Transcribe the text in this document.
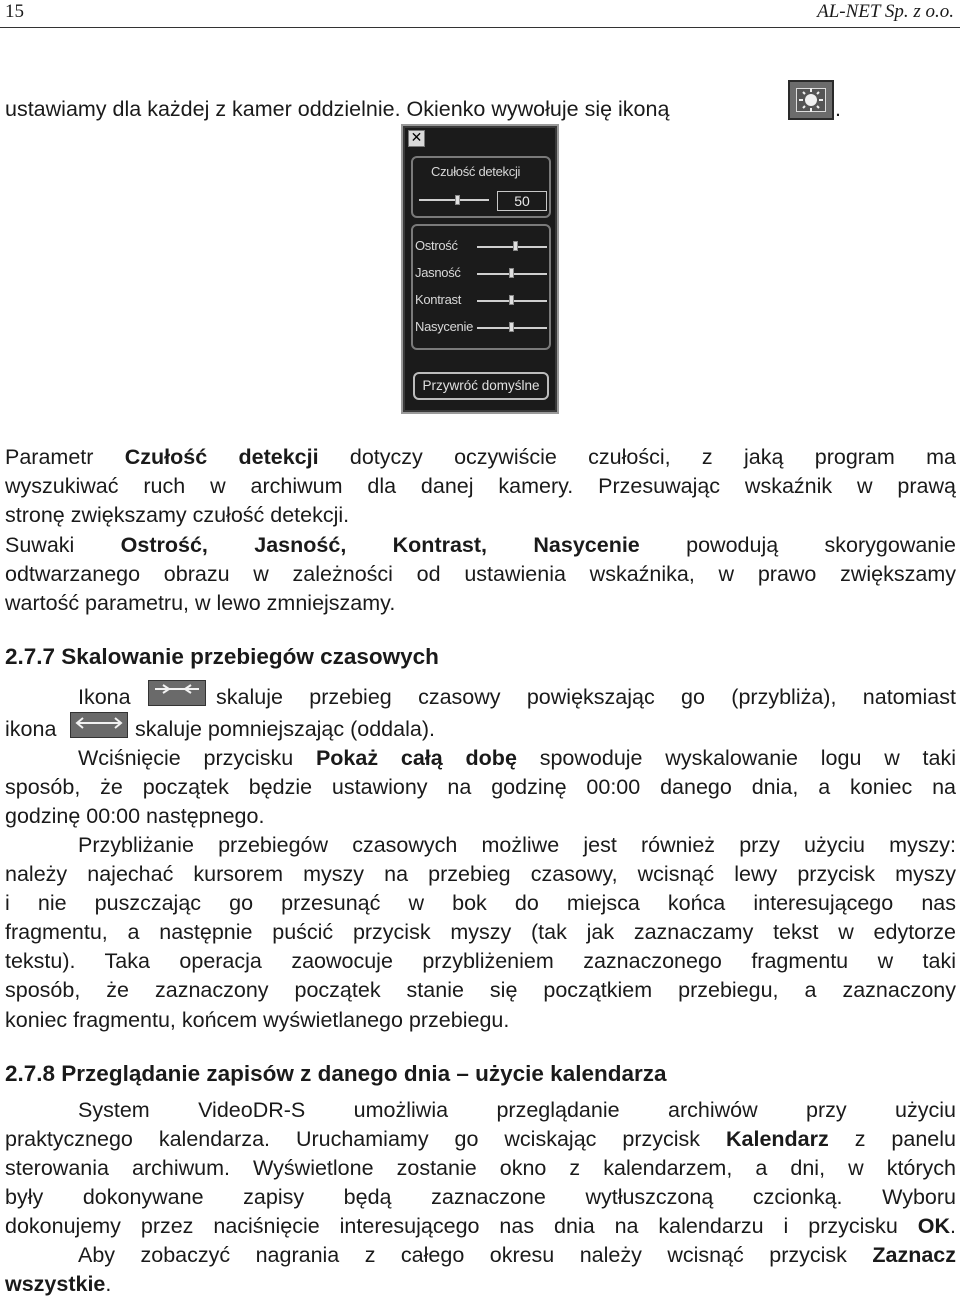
15	AL-NET Sp. z o.o.
ustawiamy dla każdej z kamer oddzielnie. Okienko wywołuje się ikoną	.
✕
Czułość detekcji
50
Ostrość
Jasność
Kontrast
Nasycenie
Przywróć domyślne
Parametr Czułość detekcji dotyczy oczywiście czułości, z jaką program ma
wyszukiwać ruch w archiwum dla danej kamery. Przesuwając wskaźnik w prawą
stronę zwiększamy czułość detekcji.
Suwaki Ostrość, Jasność, Kontrast, Nasycenie powodują skorygowanie
odtwarzanego obrazu w zależności od ustawienia wskaźnika, w prawo zwiększamy
wartość parametru, w lewo zmniejszamy.
2.7.7 Skalowanie przebiegów czasowych
Ikona	skaluje przebieg czasowy powiększając go (przybliża), natomiast
ikona	skaluje pomniejszając (oddala).
Wciśnięcie przycisku Pokaż całą dobę spowoduje wyskalowanie logu w taki
sposób, że początek będzie ustawiony na godzinę 00:00 danego dnia, a koniec na
godzinę 00:00 następnego.
Przybliżanie przebiegów czasowych możliwe jest również przy użyciu myszy:
należy najechać kursorem myszy na przebieg czasowy, wcisnąć lewy przycisk myszy
i nie puszczając go przesunąć w bok do miejsca końca interesującego nas
fragmentu, a następnie puścić przycisk myszy (tak jak zaznaczamy tekst w edytorze
tekstu). Taka operacja zaowocuje przybliżeniem zaznaczonego fragmentu w taki
sposób, że zaznaczony początek stanie się początkiem przebiegu, a zaznaczony
koniec fragmentu, końcem wyświetlanego przebiegu.
2.7.8 Przeglądanie zapisów z danego dnia – użycie kalendarza
System VideoDR-S umożliwia przeglądanie archiwów przy użyciu
praktycznego kalendarza. Uruchamiamy go wciskając przycisk Kalendarz z panelu
sterowania archiwum. Wyświetlone zostanie okno z kalendarzem, a dni, w których
były dokonywane zapisy będą zaznaczone wytłuszczoną czcionką. Wyboru
dokonujemy przez naciśnięcie interesującego nas dnia na kalendarzu i przycisku OK.
Aby zobaczyć nagrania z całego okresu należy wcisnąć przycisk Zaznacz
wszystkie.
